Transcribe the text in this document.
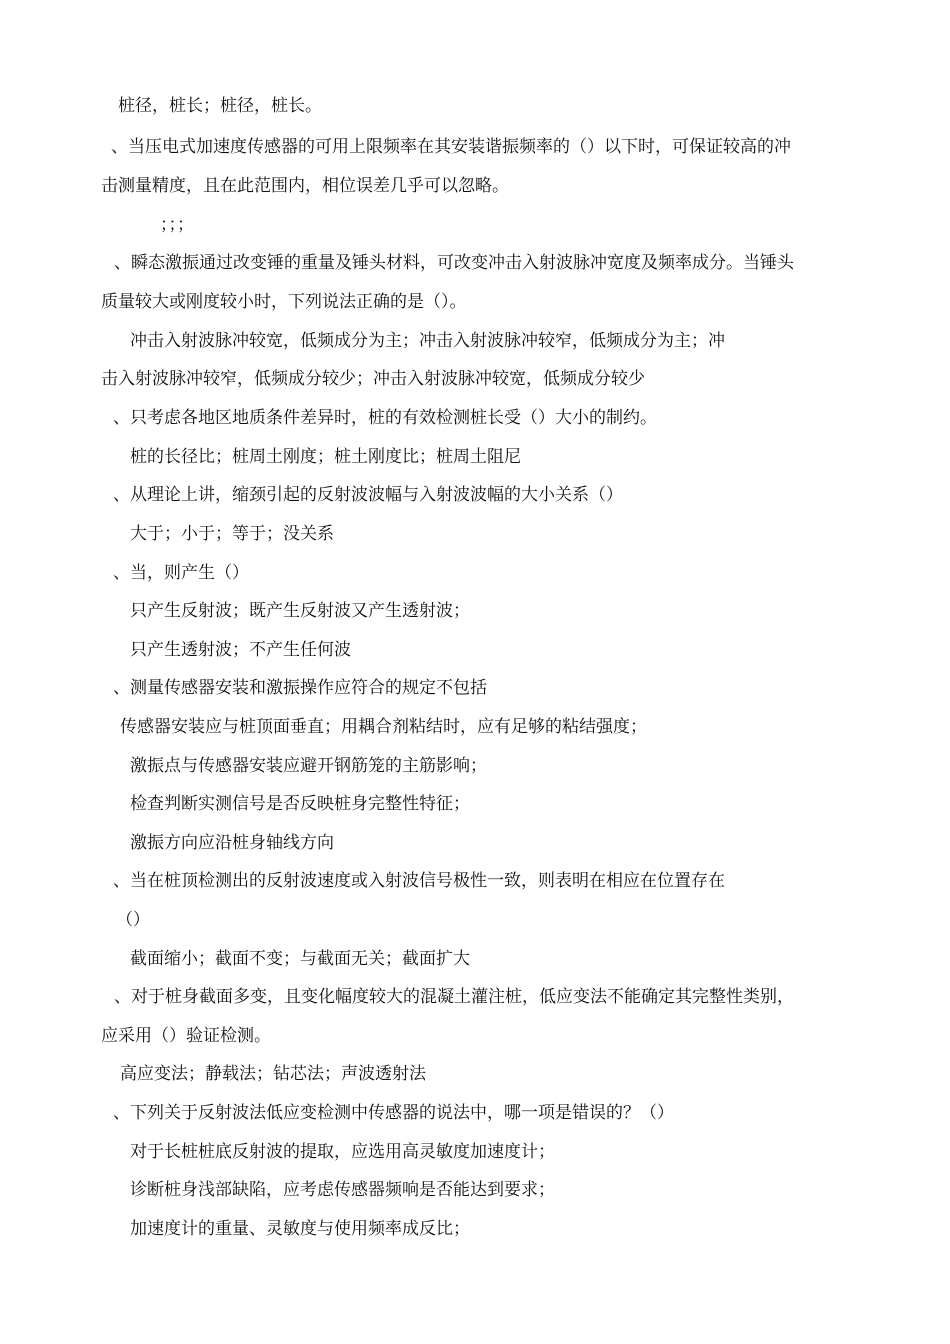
桩径，桩长；桩径，桩长。
、当压电式加速度传感器的可用上限频率在其安装谐振频率的（）以下时，可保证较高的冲
击测量精度，且在此范围内，相位误差几乎可以忽略。
；；；
、瞬态激振通过改变锤的重量及锤头材料，可改变冲击入射波脉冲宽度及频率成分。当锤头
质量较大或刚度较小时，下列说法正确的是（）。
冲击入射波脉冲较宽，低频成分为主；冲击入射波脉冲较窄，低频成分为主；冲
击入射波脉冲较窄，低频成分较少；冲击入射波脉冲较宽，低频成分较少
、只考虑各地区地质条件差异时，桩的有效检测桩长受（）大小的制约。
桩的长径比；桩周土刚度；桩土刚度比；桩周土阻尼
、从理论上讲，缩颈引起的反射波波幅与入射波波幅的大小关系（）
大于；小于；等于；没关系
、当，则产生（）
只产生反射波；既产生反射波又产生透射波；
只产生透射波；不产生任何波
、测量传感器安装和激振操作应符合的规定不包括
传感器安装应与桩顶面垂直；用耦合剂粘结时，应有足够的粘结强度；
激振点与传感器安装应避开钢筋笼的主筋影响；
检查判断实测信号是否反映桩身完整性特征；
激振方向应沿桩身轴线方向
、当在桩顶检测出的反射波速度或入射波信号极性一致，则表明在相应在位置存在
（）
截面缩小；截面不变；与截面无关；截面扩大
、对于桩身截面多变，且变化幅度较大的混凝土灌注桩，低应变法不能确定其完整性类别，
应采用（）验证检测。
高应变法；静载法；钻芯法；声波透射法
、下列关于反射波法低应变检测中传感器的说法中，哪一项是错误的？（）
对于长桩桩底反射波的提取，应选用高灵敏度加速度计；
诊断桩身浅部缺陷，应考虑传感器频响是否能达到要求；
加速度计的重量、灵敏度与使用频率成反比；
